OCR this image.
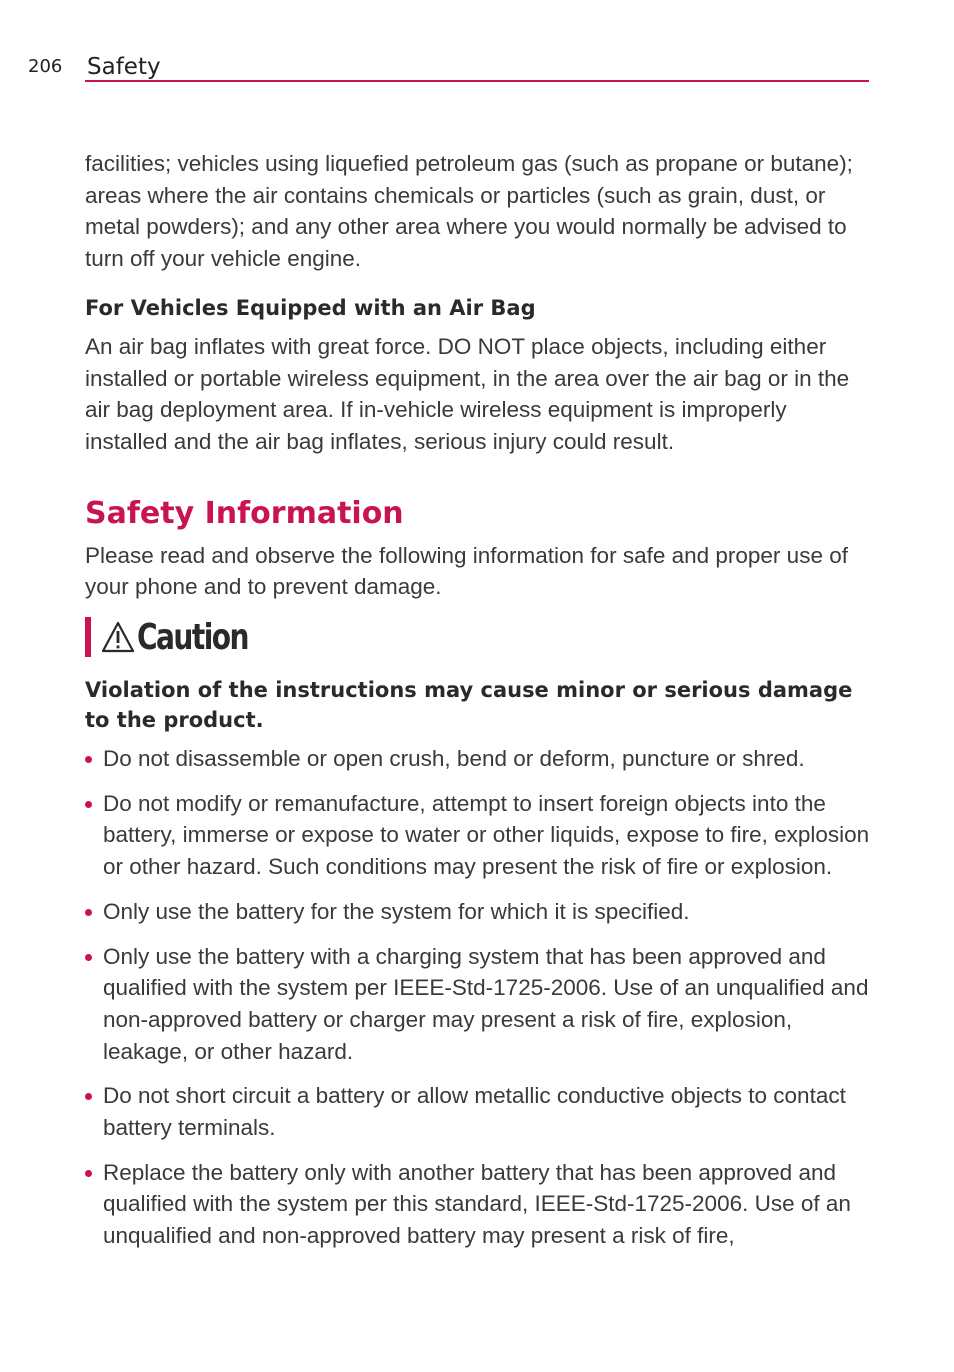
206 Safety

facilities; vehicles using liquefied petroleum gas (such as propane or butane); areas where the air contains chemicals or particles (such as grain, dust, or metal powders); and any other area where you would normally be advised to turn off your vehicle engine.

For Vehicles Equipped with an Air Bag

An air bag inflates with great force. DO NOT place objects, including either installed or portable wireless equipment, in the area over the air bag or in the air bag deployment area. If in-vehicle wireless equipment is improperly installed and the air bag inflates, serious injury could result.

Safety Information

Please read and observe the following information for safe and proper use of your phone and to prevent damage.

Caution
Violation of the instructions may cause minor or serious damage to the product.
Do not disassemble or open crush, bend or deform, puncture or shred.
Do not modify or remanufacture, attempt to insert foreign objects into the battery, immerse or expose to water or other liquids, expose to fire, explosion or other hazard. Such conditions may present the risk of fire or explosion.
Only use the battery for the system for which it is specified.
Only use the battery with a charging system that has been approved and qualified with the system per IEEE-Std-1725-2006. Use of an unqualified and non-approved battery or charger may present a risk of fire, explosion, leakage, or other hazard.
Do not short circuit a battery or allow metallic conductive objects to contact battery terminals.
Replace the battery only with another battery that has been approved and qualified with the system per this standard, IEEE-Std-1725-2006. Use of an unqualified and non-approved battery may present a risk of fire,
